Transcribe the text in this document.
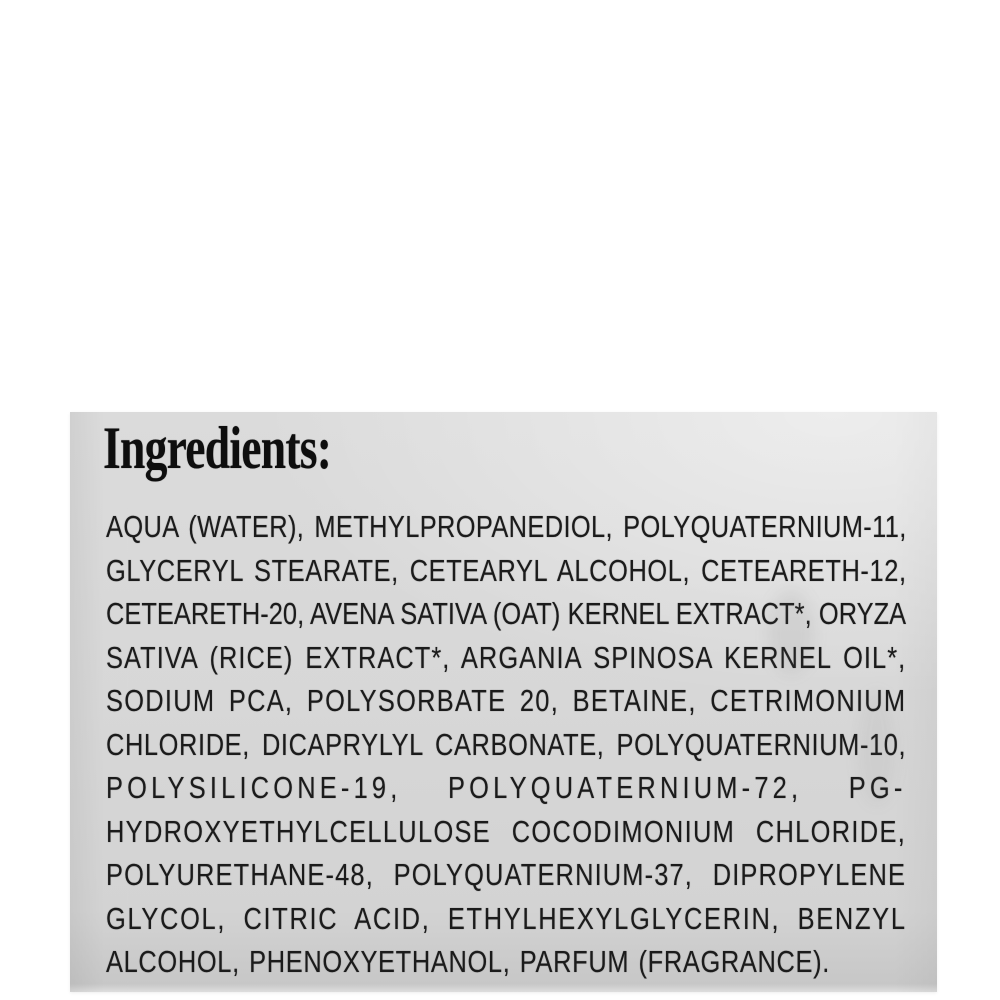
Ingredients:
AQUA (WATER), METHYLPROPANEDIOL, POLYQUATERNIUM-11,
GLYCERYL STEARATE, CETEARYL ALCOHOL, CETEARETH-12,
CETEARETH-20, AVENA SATIVA (OAT) KERNEL EXTRACT*, ORYZA
SATIVA (RICE) EXTRACT*, ARGANIA SPINOSA KERNEL OIL*,
SODIUM PCA, POLYSORBATE 20, BETAINE, CETRIMONIUM
CHLORIDE, DICAPRYLYL CARBONATE, POLYQUATERNIUM-10,
POLYSILICONE-19, POLYQUATERNIUM-72, PG-
HYDROXYETHYLCELLULOSE COCODIMONIUM CHLORIDE,
POLYURETHANE-48, POLYQUATERNIUM-37, DIPROPYLENE
GLYCOL, CITRIC ACID, ETHYLHEXYLGLYCERIN, BENZYL
ALCOHOL, PHENOXYETHANOL, PARFUM (FRAGRANCE).
